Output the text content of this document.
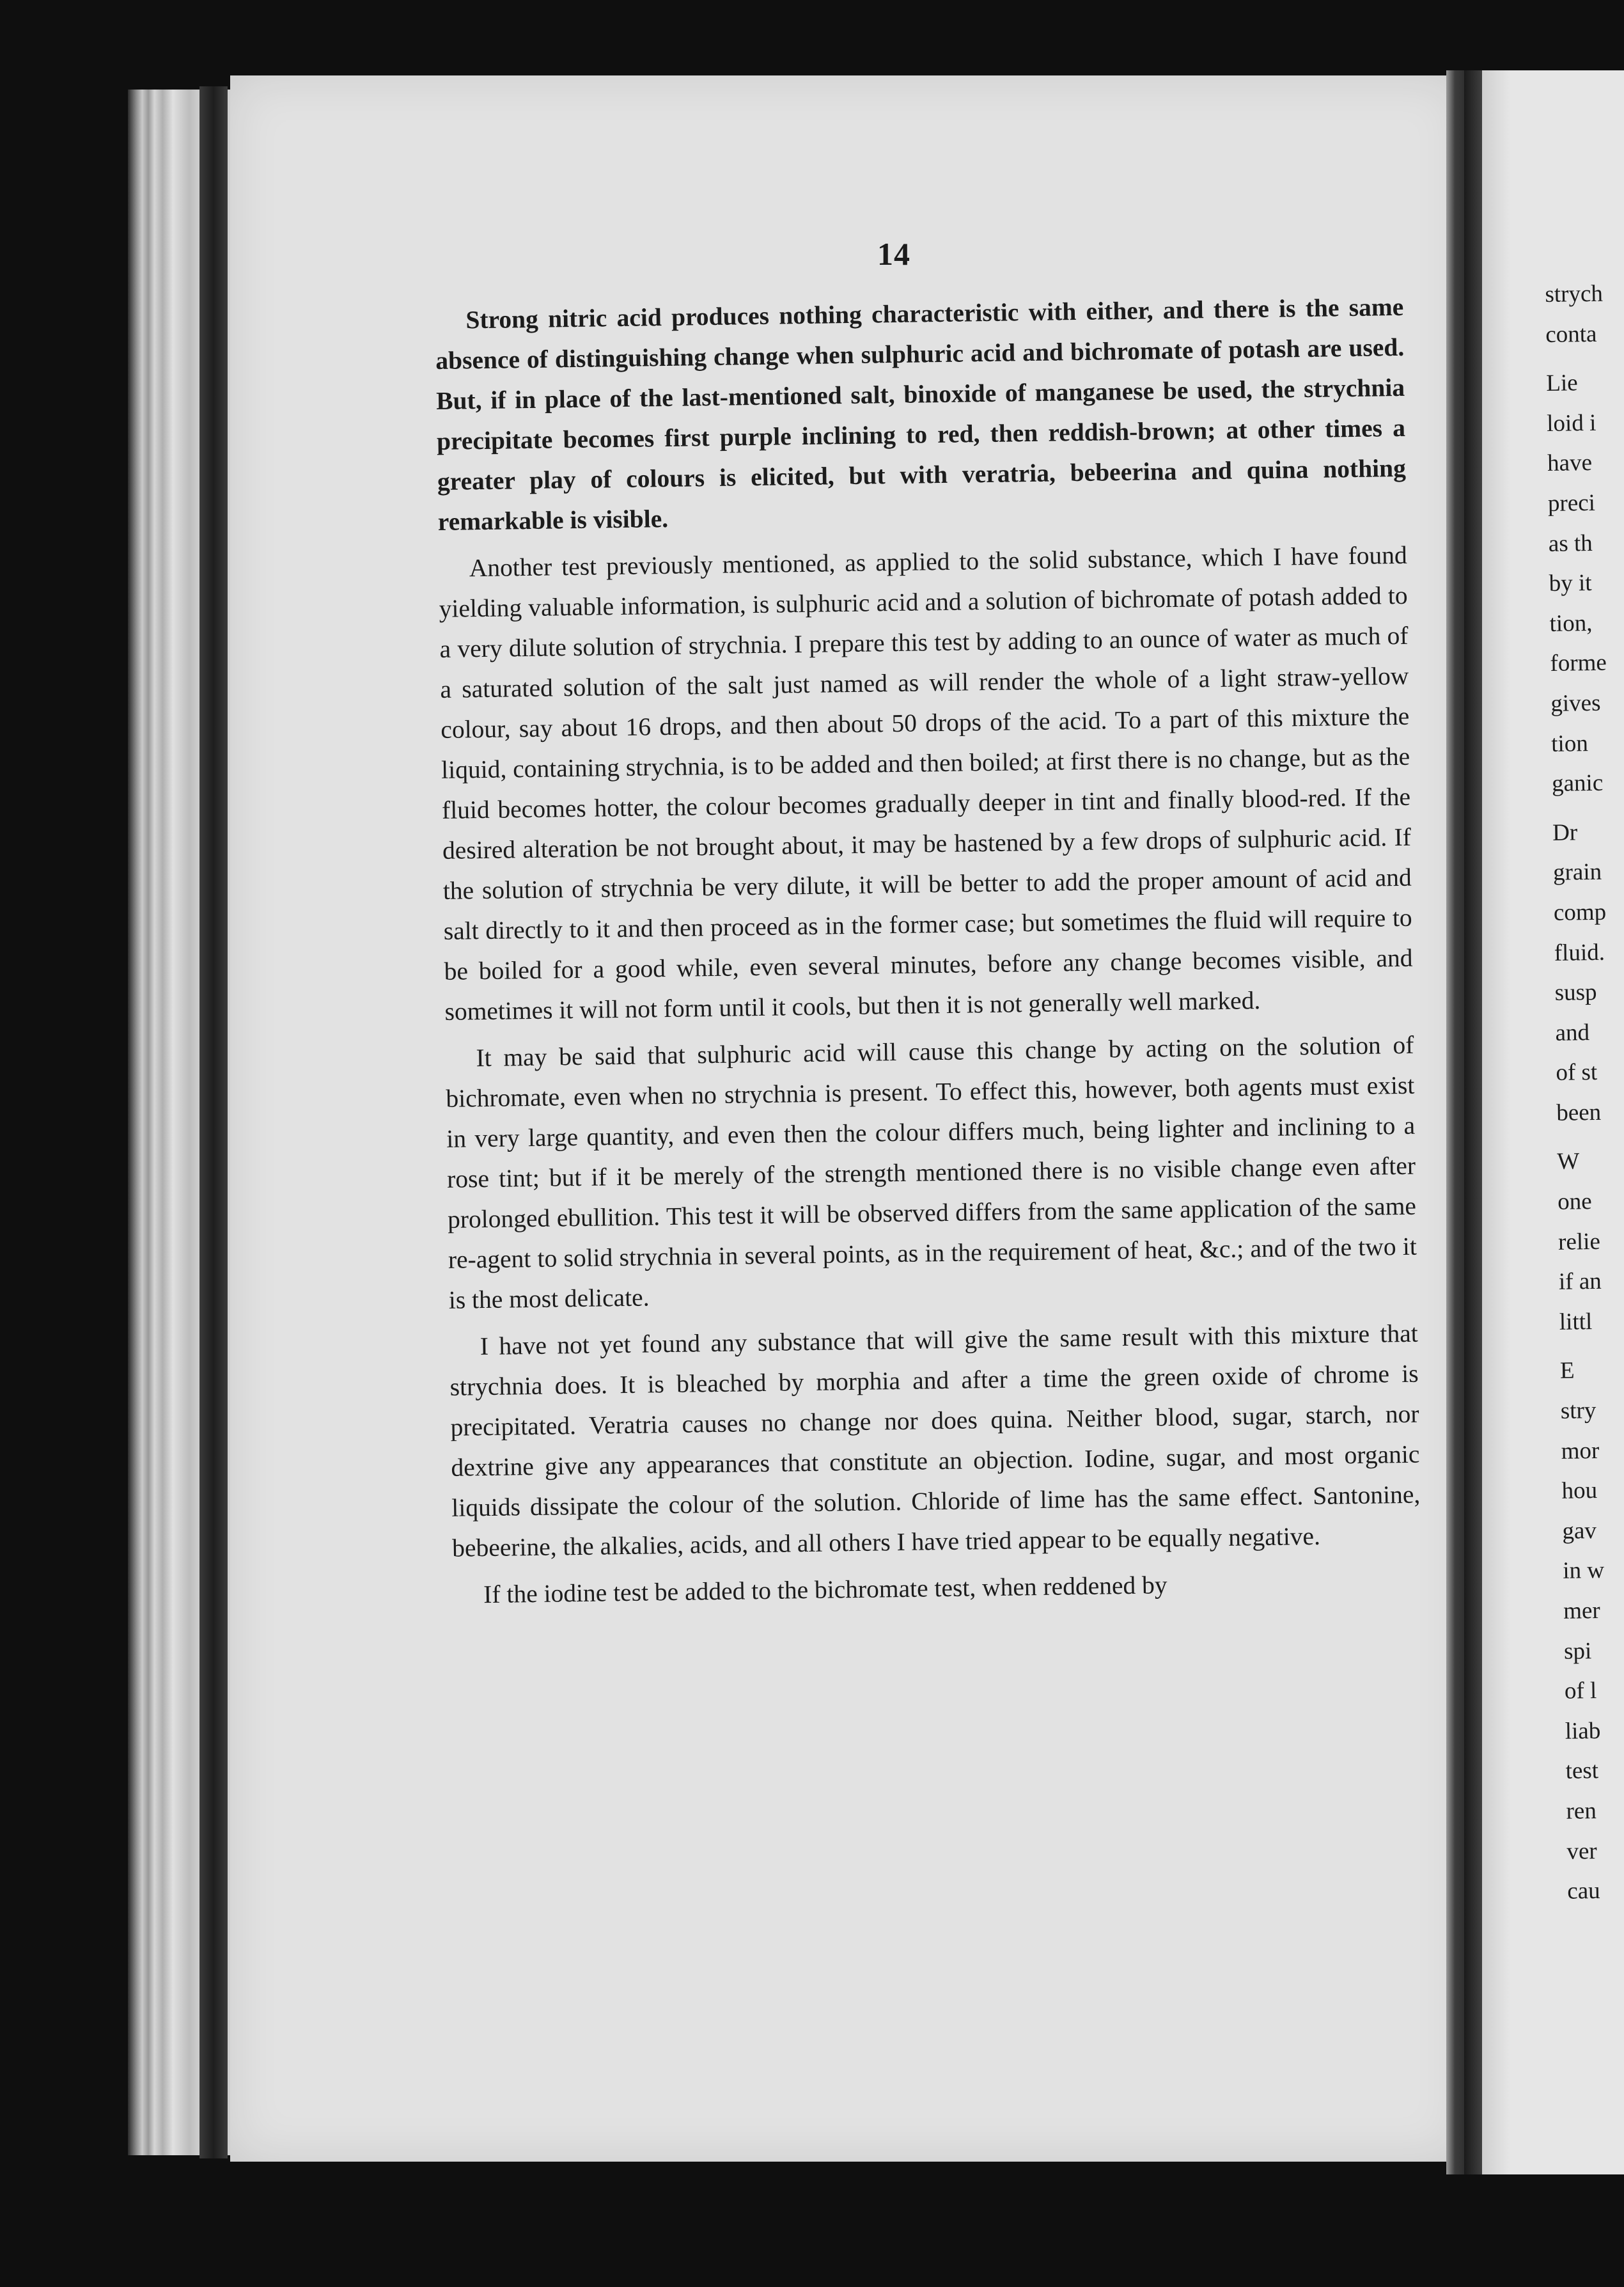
14

Strong nitric acid produces nothing characteristic with either, and there is the same absence of distinguishing change when sulphuric acid and bichromate of potash are used. But, if in place of the last-mentioned salt, binoxide of manganese be used, the strychnia precipitate becomes first purple inclining to red, then reddish-brown; at other times a greater play of colours is elicited, but with veratria, bebeerina and quina nothing remarkable is visible.

Another test previously mentioned, as applied to the solid substance, which I have found yielding valuable information, is sulphuric acid and a solution of bichromate of potash added to a very dilute solution of strychnia. I prepare this test by adding to an ounce of water as much of a saturated solution of the salt just named as will render the whole of a light straw-yellow colour, say about 16 drops, and then about 50 drops of the acid. To a part of this mixture the liquid, containing strychnia, is to be added and then boiled; at first there is no change, but as the fluid becomes hotter, the colour becomes gradually deeper in tint and finally blood-red. If the desired alteration be not brought about, it may be hastened by a few drops of sulphuric acid. If the solution of strychnia be very dilute, it will be better to add the proper amount of acid and salt directly to it and then proceed as in the former case; but sometimes the fluid will require to be boiled for a good while, even several minutes, before any change becomes visible, and sometimes it will not form until it cools, but then it is not generally well marked.

It may be said that sulphuric acid will cause this change by acting on the solution of bichromate, even when no strychnia is present. To effect this, however, both agents must exist in very large quantity, and even then the colour differs much, being lighter and inclining to a rose tint; but if it be merely of the strength mentioned there is no visible change even after prolonged ebullition. This test it will be observed differs from the same application of the same re-agent to solid strychnia in several points, as in the requirement of heat, &c.; and of the two it is the most delicate.

I have not yet found any substance that will give the same result with this mixture that strychnia does. It is bleached by morphia and after a time the green oxide of chrome is precipitated. Veratria causes no change nor does quina. Neither blood, sugar, starch, nor dextrine give any appearances that constitute an objection. Iodine, sugar, and most organic liquids dissipate the colour of the solution. Chloride of lime has the same effect. Santonine, bebeerine, the alkalies, acids, and all others I have tried appear to be equally negative.

If the iodine test be added to the bichromate test, when reddened by

strych
conta
Lie
loid i
have
preci
as th
by it
tion,
forme
gives
tion
ganic
Dr
grain
comp
fluid.
susp
and
of st
been
W
one
relie
if an
littl
E
stry
mor
hou
gav
in w
mer
spi
of l
liab
test
ren
ver
cau
